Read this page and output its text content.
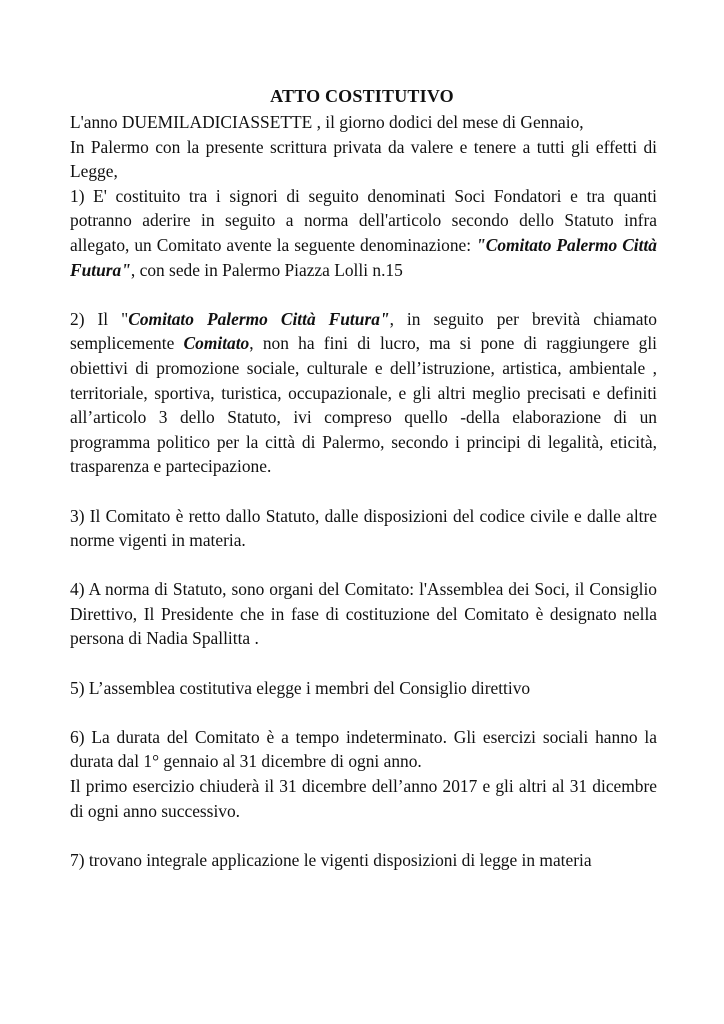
ATTO COSTITUTIVO

L'anno DUEMILADICIASSETTE , il giorno dodici del mese di Gennaio,

In Palermo con la presente scrittura privata da valere e tenere a tutti gli effetti di Legge,

1) E' costituito tra i signori di seguito denominati Soci Fondatori e tra quanti potranno aderire in seguito a norma dell'articolo secondo dello Statuto infra allegato, un Comitato avente la seguente denominazione: "Comitato Palermo Città Futura", con sede in Palermo Piazza Lolli n.15

2) Il "Comitato Palermo Città Futura", in seguito per brevità chiamato semplicemente Comitato, non ha fini di lucro, ma si pone di raggiungere gli obiettivi di promozione sociale, culturale e dell’istruzione, artistica, ambientale , territoriale, sportiva, turistica, occupazionale, e gli altri meglio precisati e definiti all’articolo 3 dello Statuto, ivi compreso quello -della elaborazione di un programma politico per la città di Palermo, secondo i principi di legalità, eticità, trasparenza e partecipazione.

3) Il Comitato è retto dallo Statuto, dalle disposizioni del codice civile e dalle altre norme vigenti in materia.

4) A norma di Statuto, sono organi del Comitato: l'Assemblea dei Soci, il Consiglio Direttivo, Il Presidente che in fase di costituzione del Comitato è designato nella persona di Nadia Spallitta .

5) L’assemblea costitutiva elegge i membri del Consiglio direttivo

6) La durata del Comitato è a tempo indeterminato. Gli esercizi sociali hanno la durata dal 1° gennaio al 31 dicembre di ogni anno.

Il primo esercizio chiuderà il 31 dicembre dell’anno 2017 e gli altri al 31 dicembre di ogni anno successivo.

7) trovano integrale applicazione le vigenti disposizioni di legge in materia
